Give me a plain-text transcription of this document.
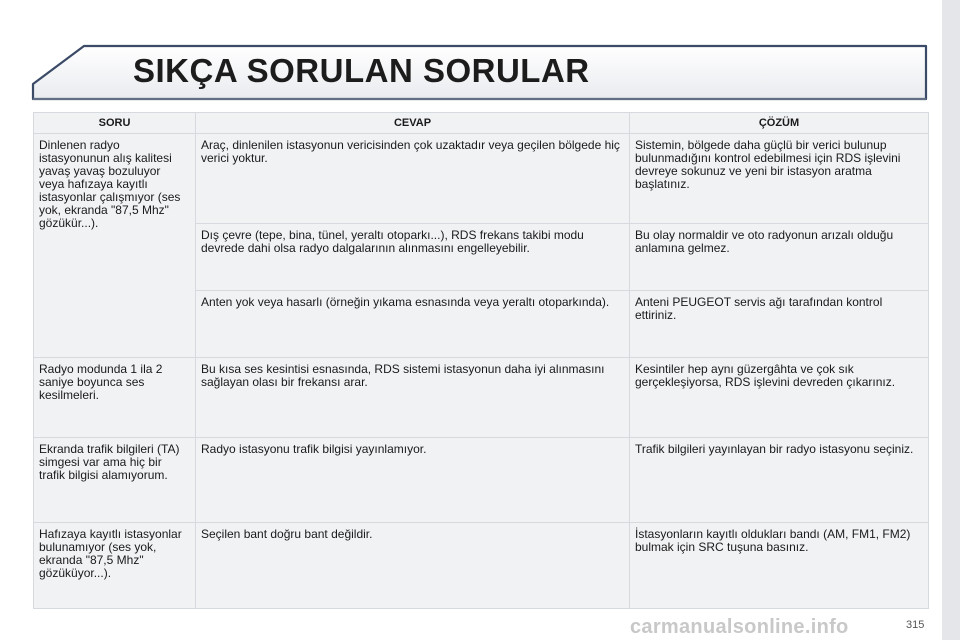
SIKÇA SORULAN SORULAR
SORU	CEVAP	ÇÖZÜM
Dinlenen radyo istasyonunun alış kalitesi yavaş yavaş bozuluyor veya hafızaya kayıtlı istasyonlar çalışmıyor (ses yok, ekranda "87,5 Mhz" gözükür...).	Araç, dinlenilen istasyonun vericisinden çok uzaktadır veya geçilen bölgede hiç verici yoktur.	Sistemin, bölgede daha güçlü bir verici bulunup bulunmadığını kontrol edebilmesi için RDS işlevini devreye sokunuz ve yeni bir istasyon aratma başlatınız.
	Dış çevre (tepe, bina, tünel, yeraltı otoparkı...), RDS frekans takibi modu devrede dahi olsa radyo dalgalarının alınmasını engelleyebilir.	Bu olay normaldir ve oto radyonun arızalı olduğu anlamına gelmez.
	Anten yok veya hasarlı (örneğin yıkama esnasında veya yeraltı otoparkında).	Anteni PEUGEOT servis ağı tarafından kontrol ettiriniz.
Radyo modunda 1 ila 2 saniye boyunca ses kesilmeleri.	Bu kısa ses kesintisi esnasında, RDS sistemi istasyonun daha iyi alınmasını sağlayan olası bir frekansı arar.	Kesintiler hep aynı güzergâhta ve çok sık gerçekleşiyorsa, RDS işlevini devreden çıkarınız.
Ekranda trafik bilgileri (TA) simgesi var ama hiç bir trafik bilgisi alamıyorum.	Radyo istasyonu trafik bilgisi yayınlamıyor.	Trafik bilgileri yayınlayan bir radyo istasyonu seçiniz.
Hafızaya kayıtlı istasyonlar bulunamıyor (ses yok, ekranda "87,5 Mhz" gözüküyor...).	Seçilen bant doğru bant değildir.	İstasyonların kayıtlı oldukları bandı (AM, FM1, FM2) bulmak için SRC tuşuna basınız.
carmanualsonline.info	315
